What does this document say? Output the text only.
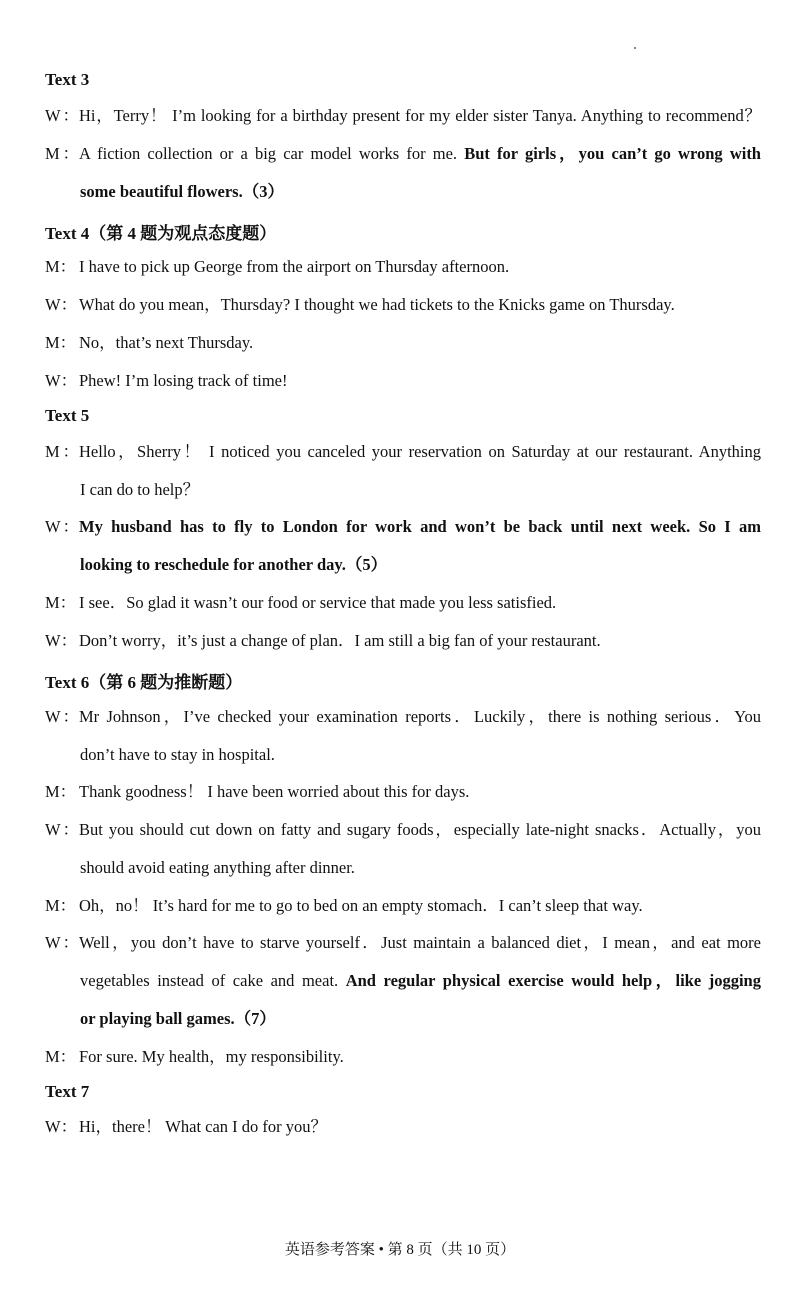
Text 3
W：Hi，Terry！ I’m looking for a birthday present for my elder sister Tanya. Anything to recommend？
M：A fiction collection or a big car model works for me. But for girls，you can’t go wrong with
some beautiful flowers.（3）
Text 4（第 4 题为观点态度题）
M： I have to pick up George from the airport on Thursday afternoon.
W： What do you mean，Thursday? I thought we had tickets to the Knicks game on Thursday.
M： No，that’s next Thursday.
W： Phew! I’m losing track of time!
Text 5
M：Hello，Sherry！ I noticed you canceled your reservation on Saturday at our restaurant. Anything
I can do to help？
W：My husband has to fly to London for work and won’t be back until next week. So I am
looking to reschedule for another day.（5）
M： I see．So glad it wasn’t our food or service that made you less satisfied.
W： Don’t worry，it’s just a change of plan．I am still a big fan of your restaurant.
Text 6（第 6 题为推断题）
W：Mr Johnson，I’ve checked your examination reports．Luckily，there is nothing serious．You
don’t have to stay in hospital.
M： Thank goodness！ I have been worried about this for days.
W：But you should cut down on fatty and sugary foods，especially late-night snacks．Actually，you
should avoid eating anything after dinner.
M： Oh，no！ It’s hard for me to go to bed on an empty stomach．I can’t sleep that way.
W：Well，you don’t have to starve yourself．Just maintain a balanced diet，I mean，and eat more
vegetables instead of cake and meat. And regular physical exercise would help，like jogging
or playing ball games.（7）
M： For sure. My health，my responsibility.
Text 7
W： Hi，there！ What can I do for you？
英语参考答案 • 第 8 页（共 10 页）
